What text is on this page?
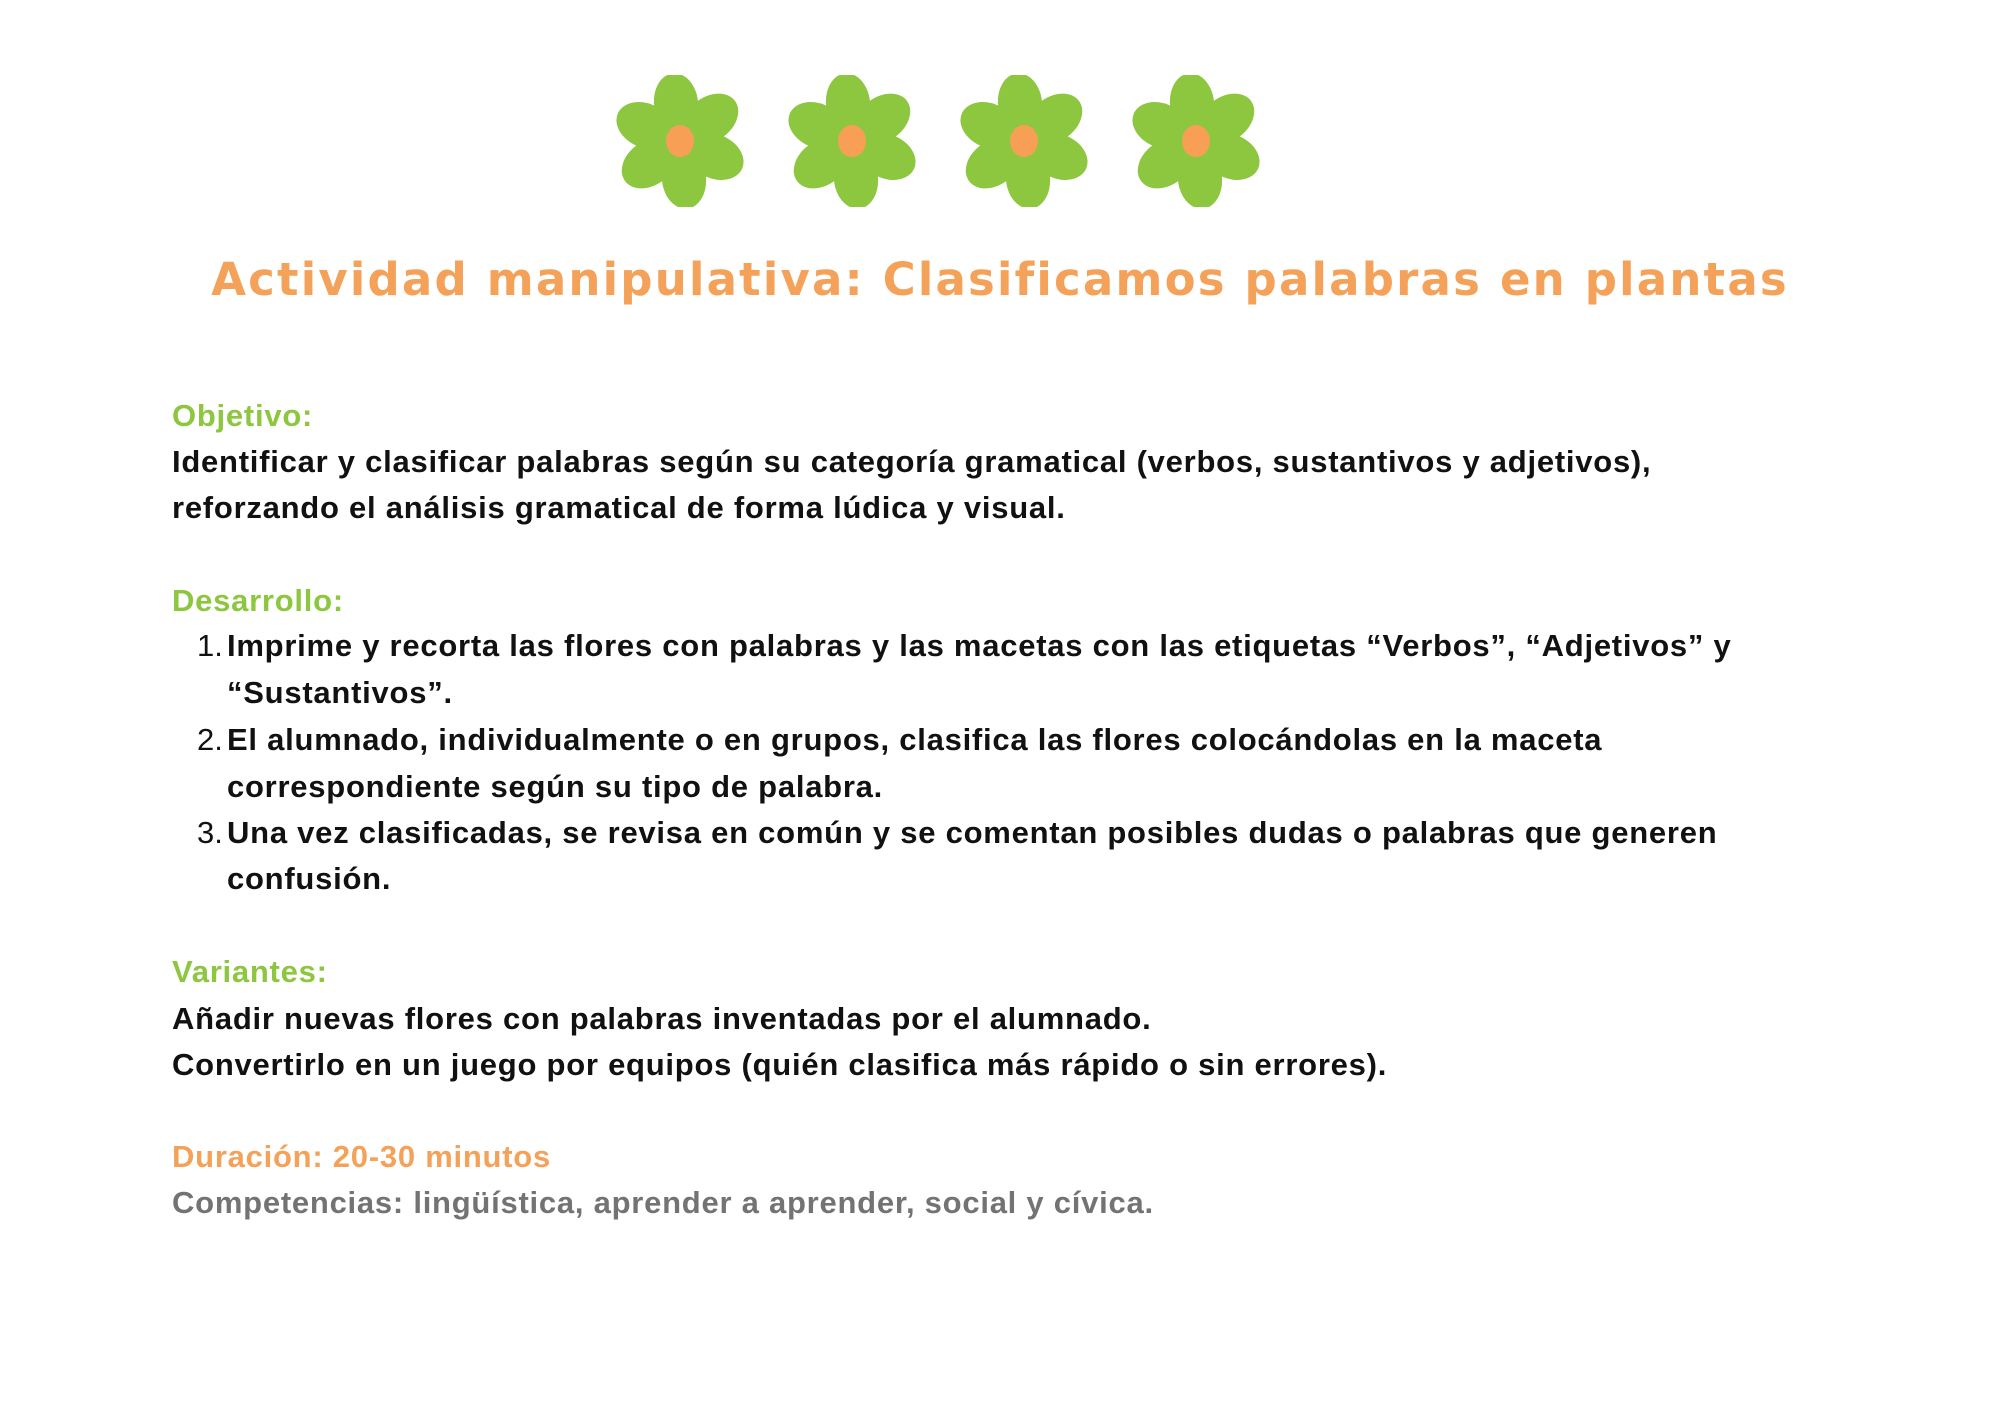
Actividad manipulativa: Clasificamos palabras en plantas
Objetivo:
Identificar y clasificar palabras según su categoría gramatical (verbos, sustantivos y adjetivos),
reforzando el análisis gramatical de forma lúdica y visual.
Desarrollo:
1. Imprime y recorta las flores con palabras y las macetas con las etiquetas “Verbos”, “Adjetivos” y
“Sustantivos”.
2. El alumnado, individualmente o en grupos, clasifica las flores colocándolas en la maceta
correspondiente según su tipo de palabra.
3. Una vez clasificadas, se revisa en común y se comentan posibles dudas o palabras que generen
confusión.
Variantes:
Añadir nuevas flores con palabras inventadas por el alumnado.
Convertirlo en un juego por equipos (quién clasifica más rápido o sin errores).
Duración: 20-30 minutos
Competencias: lingüística, aprender a aprender, social y cívica.
